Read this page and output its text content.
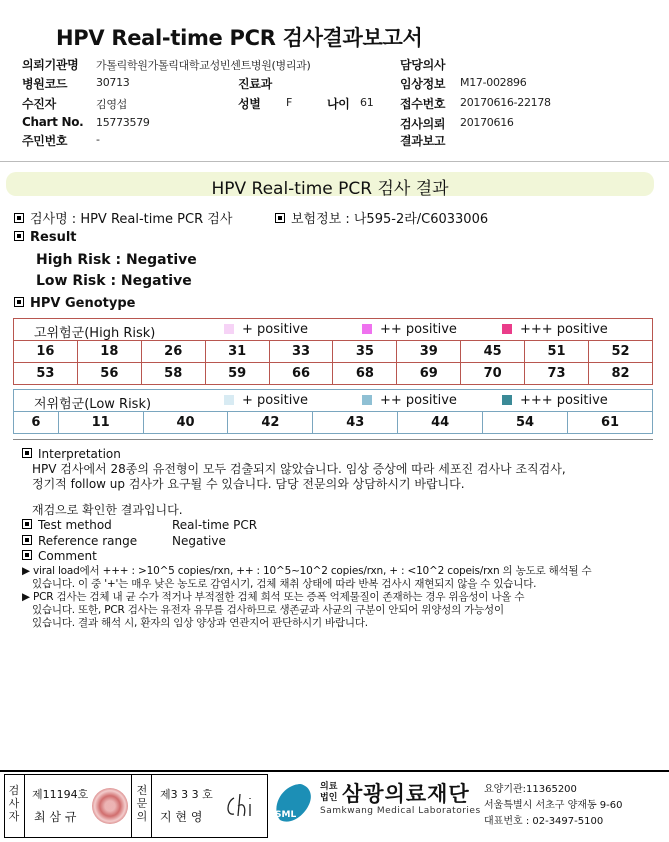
HPV Real-time PCR 검사결과보고서
의뢰기관명 가톨릭학원가톨릭대학교성빈센트병원(병리과)	담당의사
병원코드	30713	진료과	임상정보 M17-002896
수진자	김영섭	성별 F	나이 61 접수번호 20170616-22178
Chart No. 15773579	검사의뢰 20170616
주민번호	-	결과보고
HPV Real-time PCR 검사 결과
검사명 : HPV Real-time PCR 검사	보험정보 : 나595-2라/C6033006
Result
High Risk : Negative
Low Risk : Negative
HPV Genotype
고위험군(High Risk) + positive ++ positive +++ positive									

16	18	26	31	33	35	39	45	51	52
53	56	58	59	66	68	69	70	73	82
저위험군(Low Risk)	+ positive	++ positive	+++ positive

6	11	40	42	43	44	54	61
Interpretation
HPV 검사에서 28종의 유전형이 모두 검출되지 않았습니다. 임상 증상에 따라 세포진 검사나 조직검사,
정기적 follow up 검사가 요구될 수 있습니다. 담당 전문의와 상담하시기 바랍니다.
재검으로 확인한 결과입니다.
Test method	Real-time PCR
Reference range	Negative
Comment
▶ viral load에서 +++ : >10^5 copies/rxn, ++ : 10^5~10^2 copies/rxn, + : <10^2 copeis/rxn 의 농도로 해석될 수
있습니다. 이 중 '+'는 매우 낮은 농도로 감염시기, 검체 채취 상태에 따라 반복 검사시 재현되지 않을 수 있습니다.
▶ PCR 검사는 검체 내 균 수가 적거나 부적절한 검체 희석 또는 증폭 억제물질이 존재하는 경우 위음성이 나올 수
있습니다. 또한, PCR 검사는 유전자 유무를 검사하므로 생존균과 사균의 구분이 안되어 위양성의 가능성이
있습니다. 결과 해석 시, 환자의 임상 양상과 연관지어 판단하시기 바랍니다.
검사자
제11194호
최 삼 규
전문의
제3 3 3 호
지 현 영	SML
의료
법인 삼광의료재단
Samkwang Medical Laboratories
요양기관:11365200
서울특별시 서초구 양재동 9-60
대표번호 : 02-3497-5100
